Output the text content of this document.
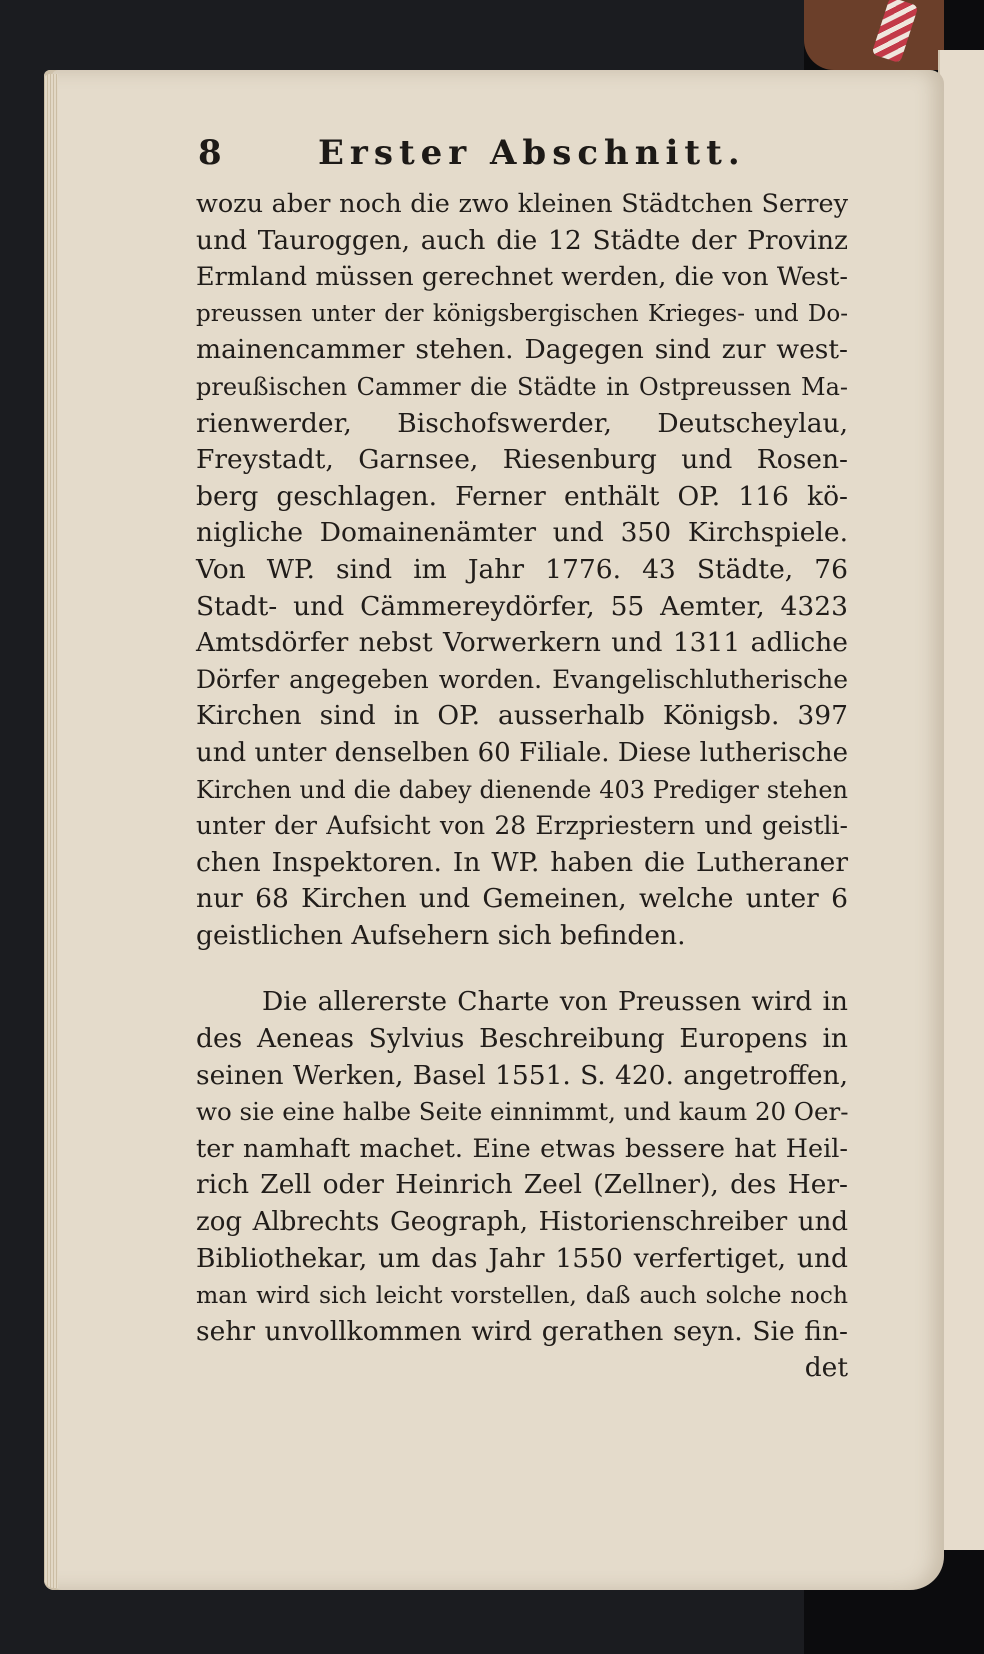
8	Erster Abschnitt.
wozu aber noch die zwo kleinen Städtchen Serrey
und Tauroggen, auch die 12 Städte der Provinz
Ermland müssen gerechnet werden, die von West-
preussen unter der königsbergischen Krieges- und Do-
mainencammer stehen. Dagegen sind zur west-
preußischen Cammer die Städte in Ostpreussen Ma-
rienwerder, Bischofswerder, Deutscheylau,
Freystadt, Garnsee, Riesenburg und Rosen-
berg geschlagen. Ferner enthält OP. 116 kö-
nigliche Domainenämter und 350 Kirchspiele.
Von WP. sind im Jahr 1776. 43 Städte, 76
Stadt- und Cämmereydörfer, 55 Aemter, 4323
Amtsdörfer nebst Vorwerkern und 1311 adliche
Dörfer angegeben worden. Evangelischlutherische
Kirchen sind in OP. ausserhalb Königsb. 397
und unter denselben 60 Filiale. Diese lutherische
Kirchen und die dabey dienende 403 Prediger stehen
unter der Aufsicht von 28 Erzpriestern und geistli-
chen Inspektoren. In WP. haben die Lutheraner
nur 68 Kirchen und Gemeinen, welche unter 6
geistlichen Aufsehern sich befinden.
Die allererste Charte von Preussen wird in
des Aeneas Sylvius Beschreibung Europens in
seinen Werken, Basel 1551. S. 420. angetroffen,
wo sie eine halbe Seite einnimmt, und kaum 20 Oer-
ter namhaft machet. Eine etwas bessere hat Heil-
rich Zell oder Heinrich Zeel (Zellner), des Her-
zog Albrechts Geograph, Historienschreiber und
Bibliothekar, um das Jahr 1550 verfertiget, und
man wird sich leicht vorstellen, daß auch solche noch
sehr unvollkommen wird gerathen seyn. Sie fin-
det
